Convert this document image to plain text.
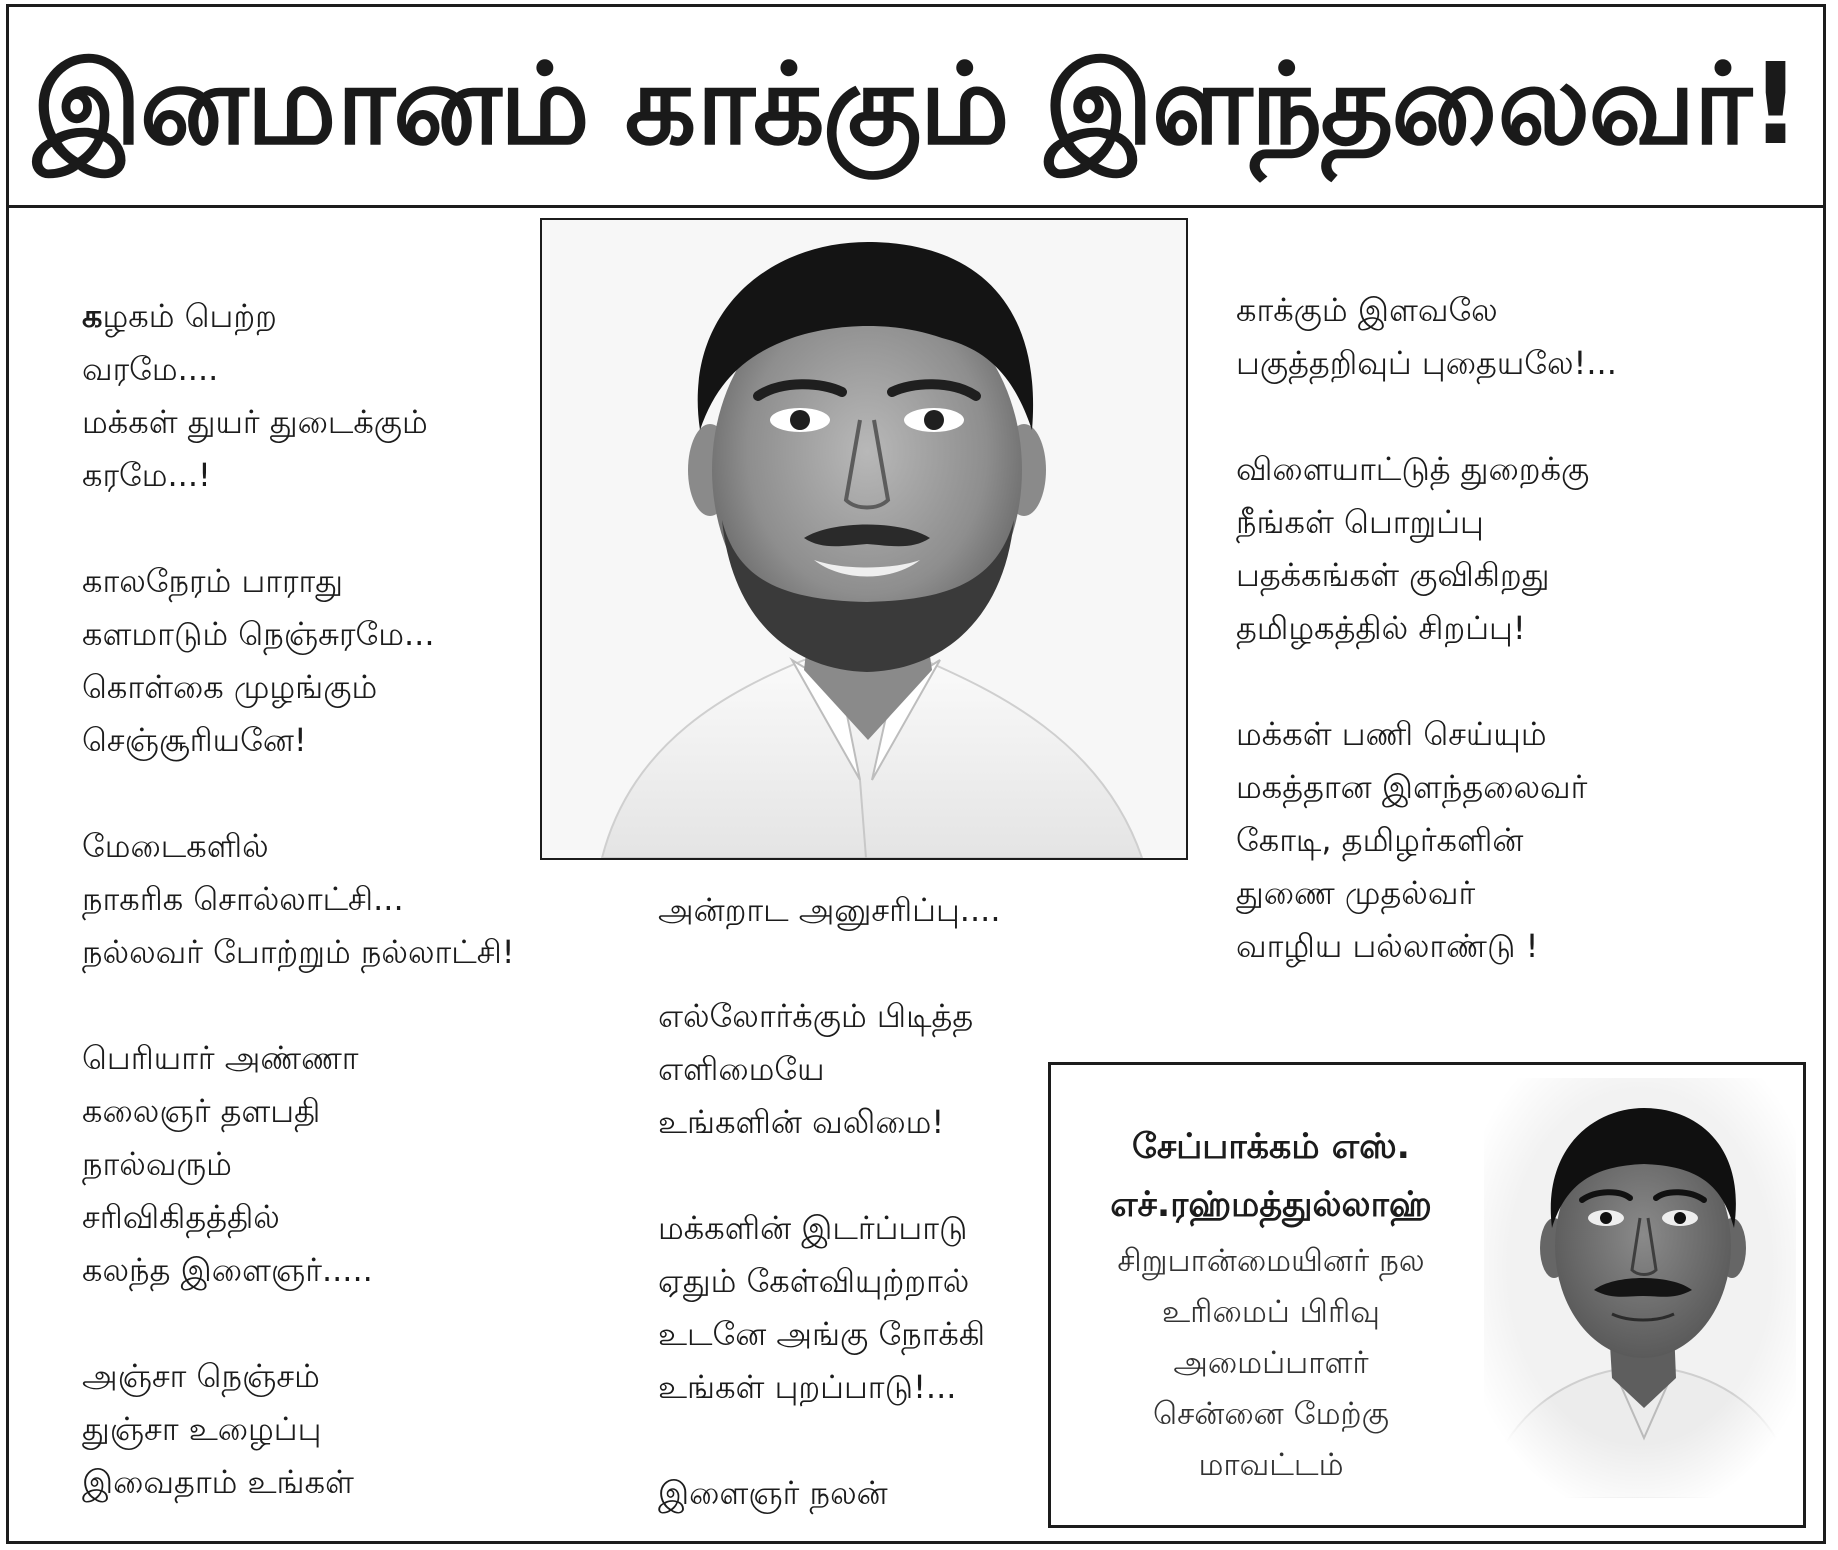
இனமானம் காக்கும் இளந்தலைவர்!
கழகம் பெற்ற
வரமே....
மக்கள் துயர் துடைக்கும்
கரமே...!
காலநேரம் பாராது
களமாடும் நெஞ்சுரமே...
கொள்கை முழங்கும்
செஞ்சூரியனே!
மேடைகளில்
நாகரிக சொல்லாட்சி...
நல்லவர் போற்றும் நல்லாட்சி!
பெரியார் அண்ணா
கலைஞர் தளபதி
நால்வரும்
சரிவிகிதத்தில்
கலந்த இளைஞர்.....
அஞ்சா நெஞ்சம்
துஞ்சா உழைப்பு
இவைதாம் உங்கள்
அன்றாட அனுசரிப்பு....
எல்லோர்க்கும் பிடித்த
எளிமையே
உங்களின் வலிமை!
மக்களின் இடர்ப்பாடு
ஏதும் கேள்வியுற்றால்
உடனே அங்கு நோக்கி
உங்கள் புறப்பாடு!...
இளைஞர் நலன்
காக்கும் இளவலே
பகுத்தறிவுப் புதையலே!...
விளையாட்டுத் துறைக்கு
நீங்கள் பொறுப்பு
பதக்கங்கள் குவிகிறது
தமிழகத்தில் சிறப்பு!
மக்கள் பணி செய்யும்
மகத்தான இளந்தலைவர்
கோடி, தமிழர்களின்
துணை முதல்வர்
வாழிய பல்லாண்டு !
சேப்பாக்கம் எஸ்.
எச்.ரஹ்மத்துல்லாஹ்
சிறுபான்மையினர் நல
உரிமைப் பிரிவு
அமைப்பாளர்
சென்னை மேற்கு
மாவட்டம்
